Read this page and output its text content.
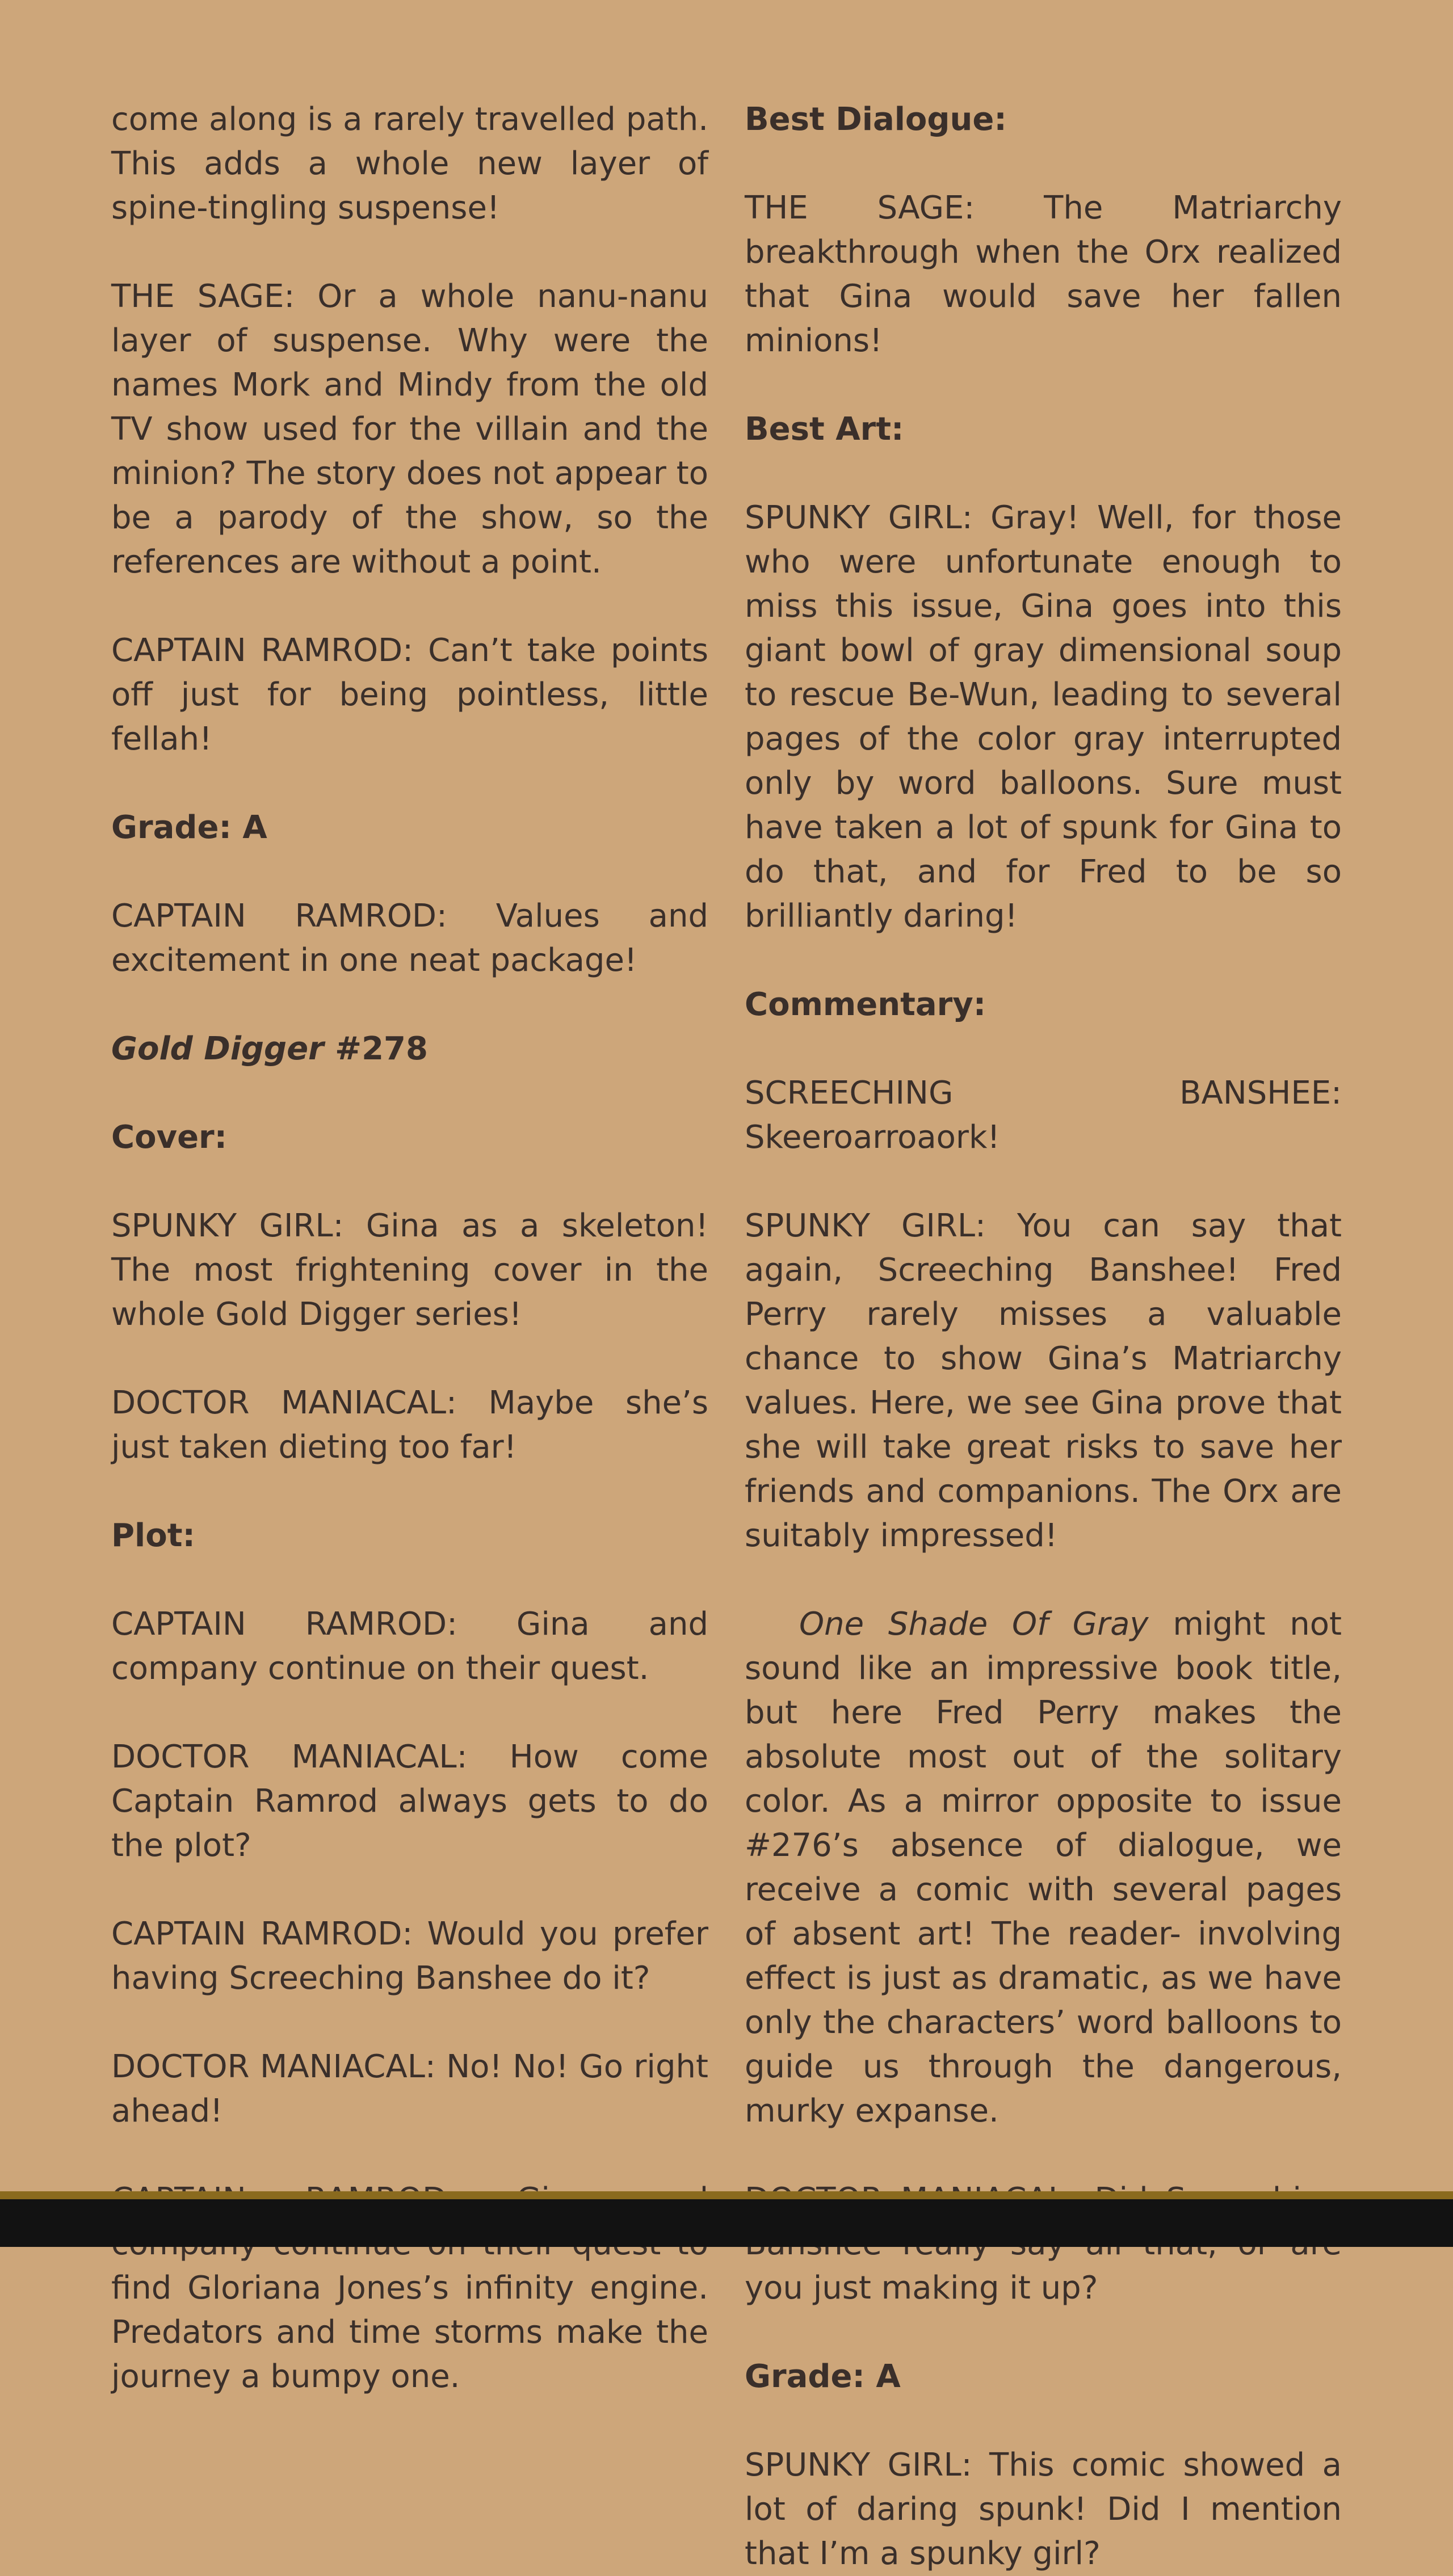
come along is a rarely travelled path. This adds a whole new layer of spine-tingling suspense!

THE SAGE: Or a whole nanu-nanu layer of suspense. Why were the names Mork and Mindy from the old TV show used for the villain and the minion? The story does not appear to be a parody of the show, so the references are without a point.

CAPTAIN RAMROD: Can’t take points off just for being pointless, little fellah!

Grade: A

CAPTAIN RAMROD: Values and excitement in one neat package!

Gold Digger #278

Cover:

SPUNKY GIRL: Gina as a skeleton! The most frightening cover in the whole Gold Digger series!

DOCTOR MANIACAL: Maybe she’s just taken dieting too far!

Plot:

CAPTAIN RAMROD: Gina and company continue on their quest.

DOCTOR MANIACAL: How come Captain Ramrod always gets to do the plot?

CAPTAIN RAMROD: Would you prefer having Screeching Banshee do it?

DOCTOR MANIACAL: No! No! Go right ahead!

find Gloriana Jones’s infinity engine. Predators and time storms make the journey a bumpy one.

Best Dialogue:

THE SAGE: The Matriarchy breakthrough when the Orx realized that Gina would save her fallen minions!

Best Art:

SPUNKY GIRL: Gray! Well, for those who were unfortunate enough to miss this issue, Gina goes into this giant bowl of gray dimensional soup to rescue Be-Wun, leading to several pages of the color gray interrupted only by word balloons. Sure must have taken a lot of spunk for Gina to do that, and for Fred to be so brilliantly daring!

Commentary:

SCREECHING BANSHEE: Skeeroarroaork!

SPUNKY GIRL: You can say that again, Screeching Banshee! Fred Perry rarely misses a valuable chance to show Gina’s Matriarchy values. Here, we see Gina prove that she will take great risks to save her friends and companions. The Orx are suitably impressed!

One Shade Of Gray might not sound like an impressive book title, but here Fred Perry makes the absolute most out of the solitary color. As a mirror opposite to issue #276’s absence of dialogue, we receive a comic with several pages of absent art! The reader- involving effect is just as dramatic, as we have only the characters’ word balloons to guide us through the dangerous, murky expanse.

you just making it up?

Grade: A

SPUNKY GIRL: This comic showed a lot of daring spunk! Did I mention that I’m a spunky girl?
